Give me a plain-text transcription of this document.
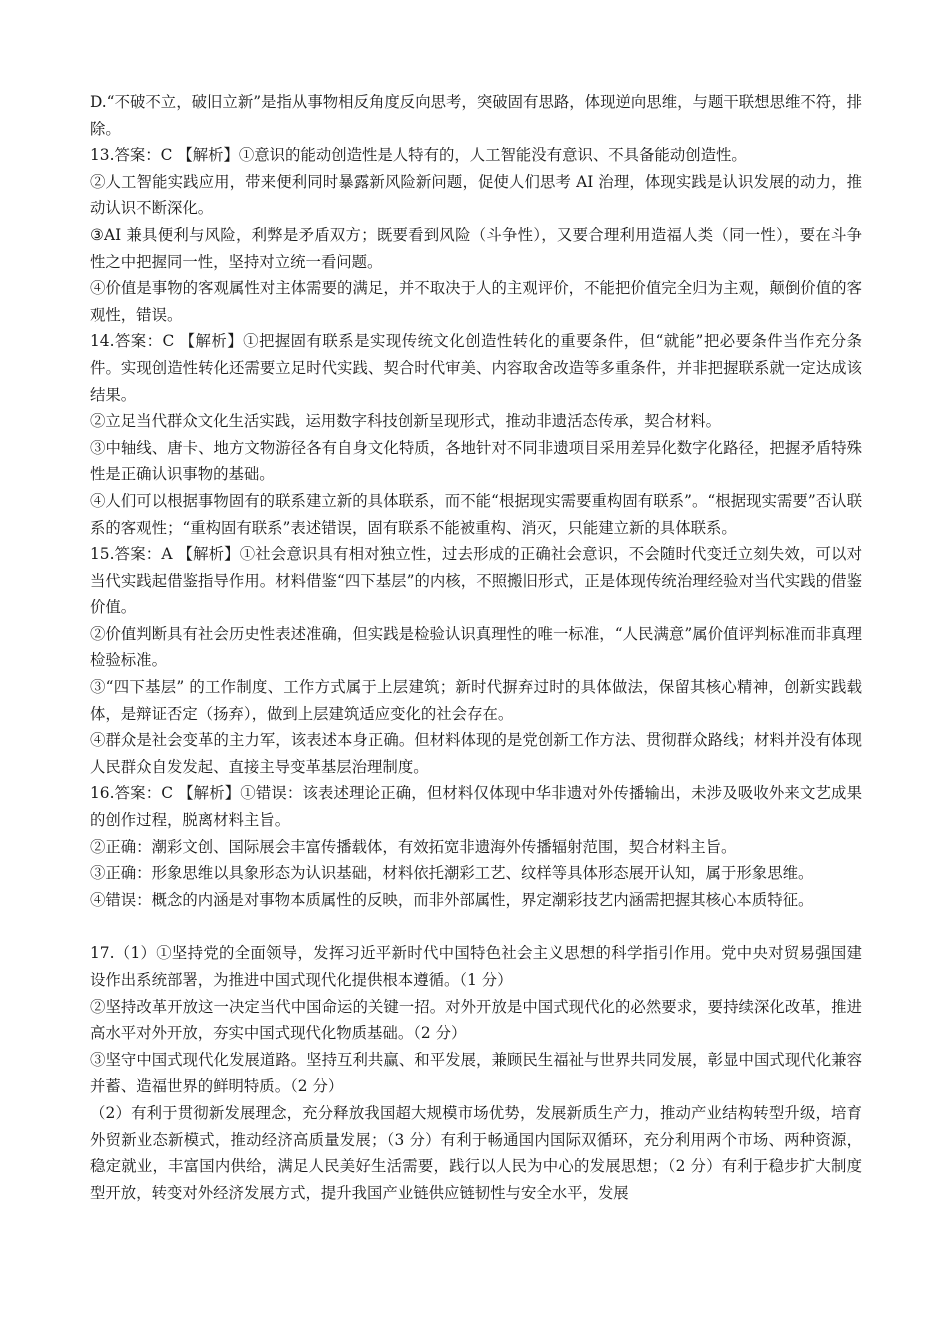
D.“不破不立，破旧立新”是指从事物相反角度反向思考，突破固有思路，体现逆向思维，与题干联想思维不符，排除。

13.答案：C 【解析】①意识的能动创造性是人特有的，人工智能没有意识、不具备能动创造性。

②人工智能实践应用，带来便利同时暴露新风险新问题，促使人们思考 AI 治理，体现实践是认识发展的动力，推动认识不断深化。

③AI 兼具便利与风险，利弊是矛盾双方；既要看到风险（斗争性），又要合理利用造福人类（同一性），要在斗争性之中把握同一性，坚持对立统一看问题。

④价值是事物的客观属性对主体需要的满足，并不取决于人的主观评价，不能把价值完全归为主观，颠倒价值的客观性，错误。

14.答案：C 【解析】①把握固有联系是实现传统文化创造性转化的重要条件，但“就能”把必要条件当作充分条件。实现创造性转化还需要立足时代实践、契合时代审美、内容取舍改造等多重条件，并非把握联系就一定达成该结果。

②立足当代群众文化生活实践，运用数字科技创新呈现形式，推动非遗活态传承，契合材料。

③中轴线、唐卡、地方文物游径各有自身文化特质，各地针对不同非遗项目采用差异化数字化路径，把握矛盾特殊性是正确认识事物的基础。

④人们可以根据事物固有的联系建立新的具体联系，而不能“根据现实需要重构固有联系”。“根据现实需要”否认联系的客观性；“重构固有联系”表述错误，固有联系不能被重构、消灭，只能建立新的具体联系。

15.答案：A 【解析】①社会意识具有相对独立性，过去形成的正确社会意识，不会随时代变迁立刻失效，可以对当代实践起借鉴指导作用。材料借鉴“四下基层”的内核，不照搬旧形式，正是体现传统治理经验对当代实践的借鉴价值。

②价值判断具有社会历史性表述准确，但实践是检验认识真理性的唯一标准，“人民满意”属价值评判标准而非真理检验标准。

③“四下基层” 的工作制度、工作方式属于上层建筑；新时代摒弃过时的具体做法，保留其核心精神，创新实践载体，是辩证否定（扬弃），做到上层建筑适应变化的社会存在。

④群众是社会变革的主力军，该表述本身正确。但材料体现的是党创新工作方法、贯彻群众路线；材料并没有体现人民群众自发发起、直接主导变革基层治理制度。

16.答案：C 【解析】①错误：该表述理论正确，但材料仅体现中华非遗对外传播输出，未涉及吸收外来文艺成果的创作过程，脱离材料主旨。

②正确：潮彩文创、国际展会丰富传播载体，有效拓宽非遗海外传播辐射范围，契合材料主旨。

③正确：形象思维以具象形态为认识基础，材料依托潮彩工艺、纹样等具体形态展开认知，属于形象思维。

④错误：概念的内涵是对事物本质属性的反映，而非外部属性，界定潮彩技艺内涵需把握其核心本质特征。

17.（1）①坚持党的全面领导，发挥习近平新时代中国特色社会主义思想的科学指引作用。党中央对贸易强国建设作出系统部署，为推进中国式现代化提供根本遵循。（1 分）

②坚持改革开放这一决定当代中国命运的关键一招。对外开放是中国式现代化的必然要求，要持续深化改革，推进高水平对外开放，夯实中国式现代化物质基础。（2 分）

③坚守中国式现代化发展道路。坚持互利共赢、和平发展，兼顾民生福祉与世界共同发展，彰显中国式现代化兼容并蓄、造福世界的鲜明特质。（2 分）

（2）有利于贯彻新发展理念，充分释放我国超大规模市场优势，发展新质生产力，推动产业结构转型升级，培育外贸新业态新模式，推动经济高质量发展；（3 分）有利于畅通国内国际双循环，充分利用两个市场、两种资源，稳定就业，丰富国内供给，满足人民美好生活需要，践行以人民为中心的发展思想；（2 分）有利于稳步扩大制度型开放，转变对外经济发展方式，提升我国产业链供应链韧性与安全水平，发展
